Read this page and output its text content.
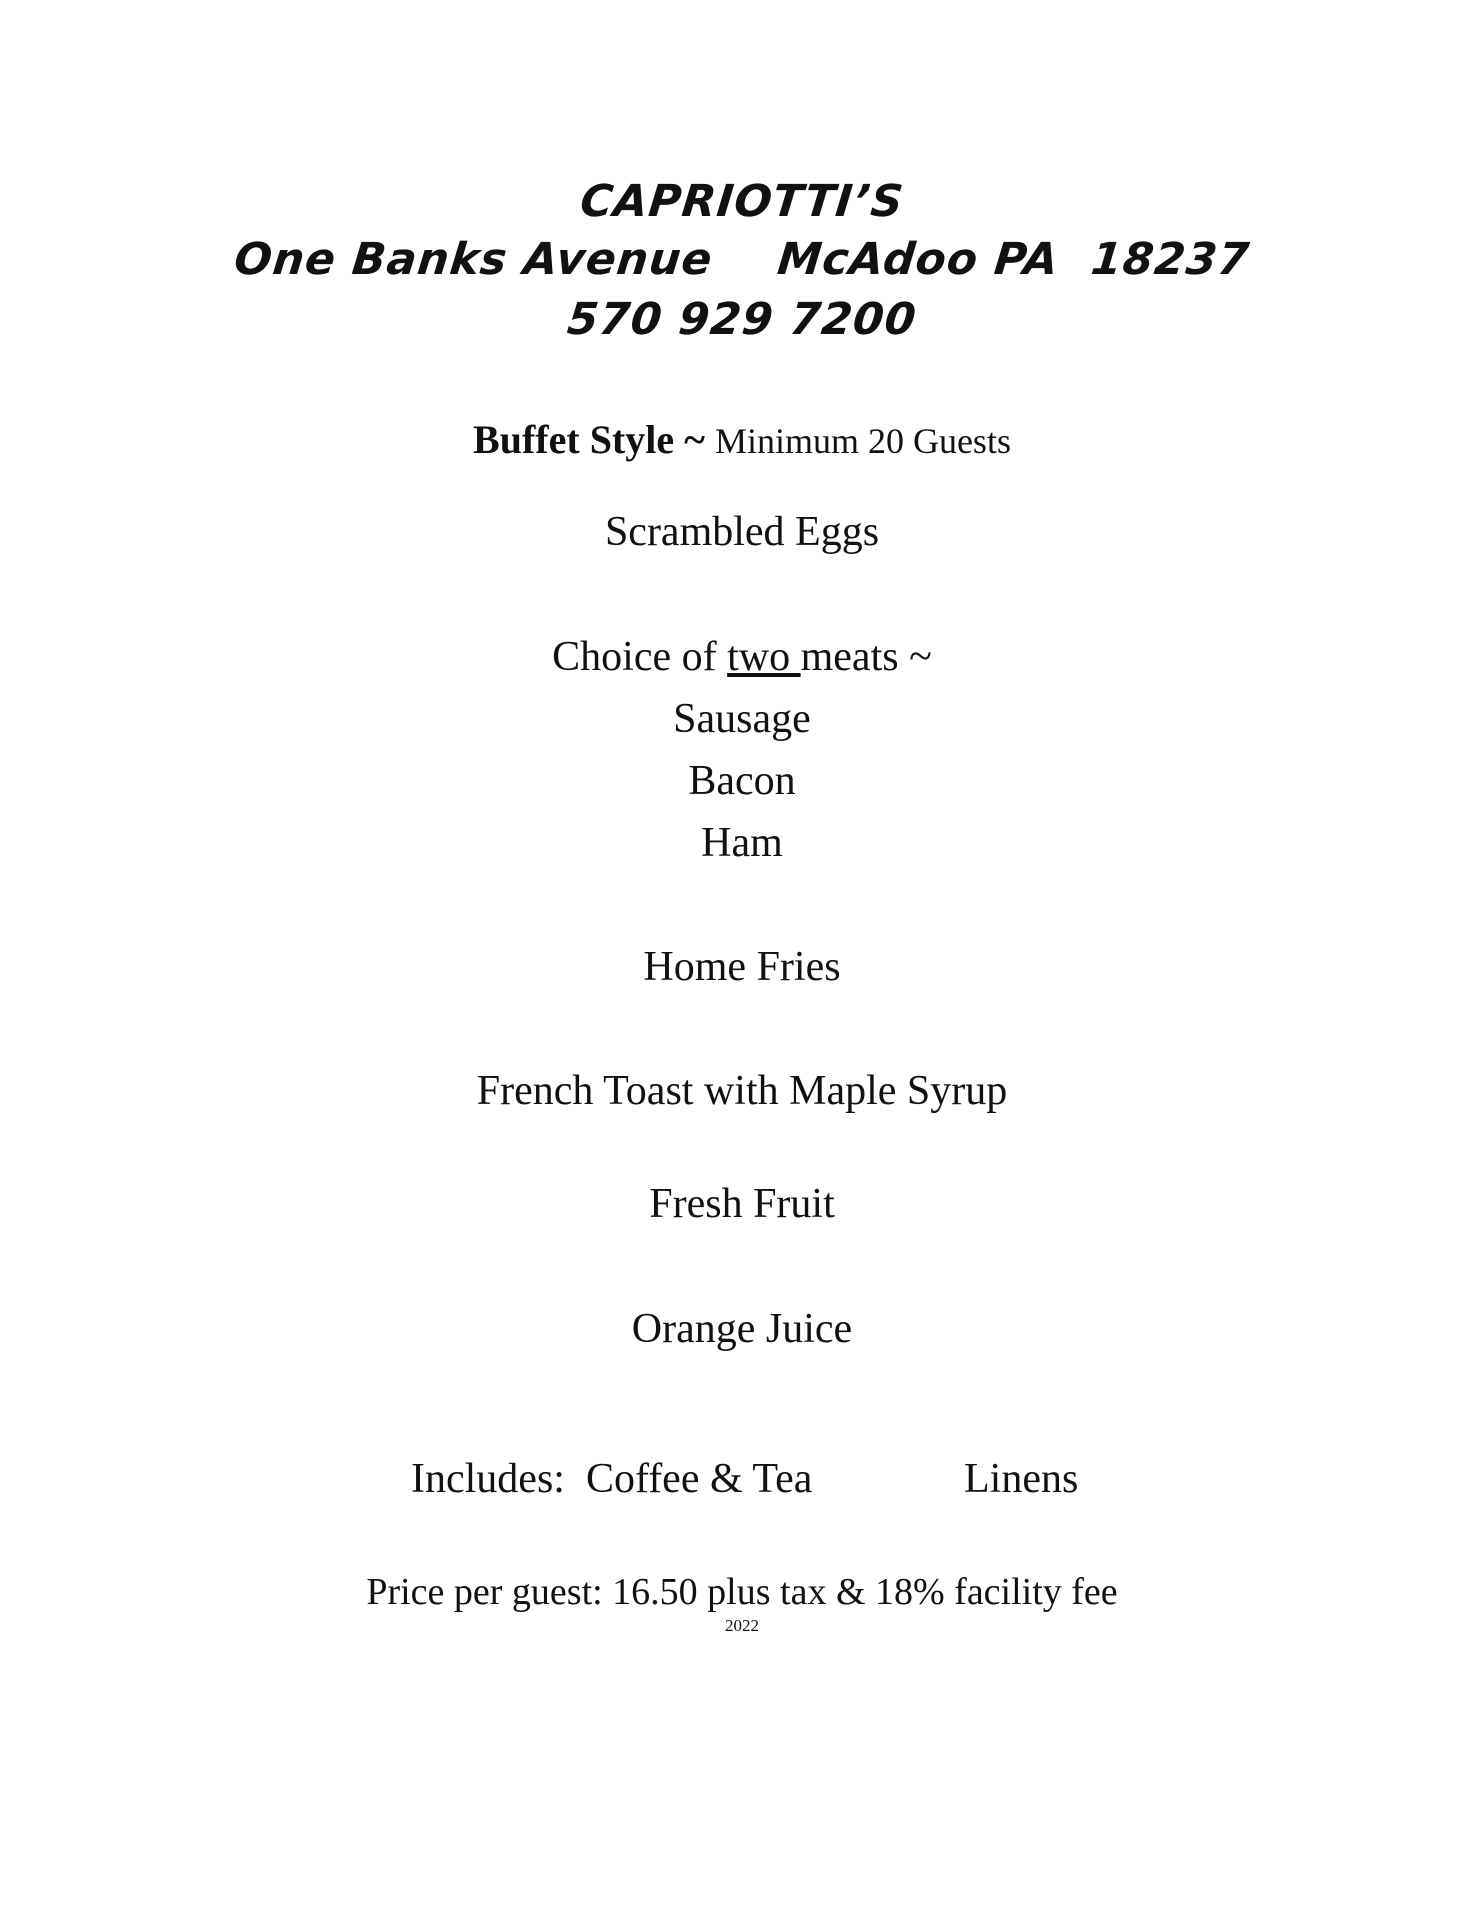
CAPRIOTTI’S
One Banks Avenue    McAdoo PA  18237
570 929 7200
Buffet Style ~ Minimum 20 Guests
Scrambled Eggs
Choice of two meats ~
Sausage
Bacon
Ham
Home Fries
French Toast with Maple Syrup
Fresh Fruit
Orange Juice
Includes:  Coffee & Tea	Linens
Price per guest: 16.50 plus tax & 18% facility fee
2022
